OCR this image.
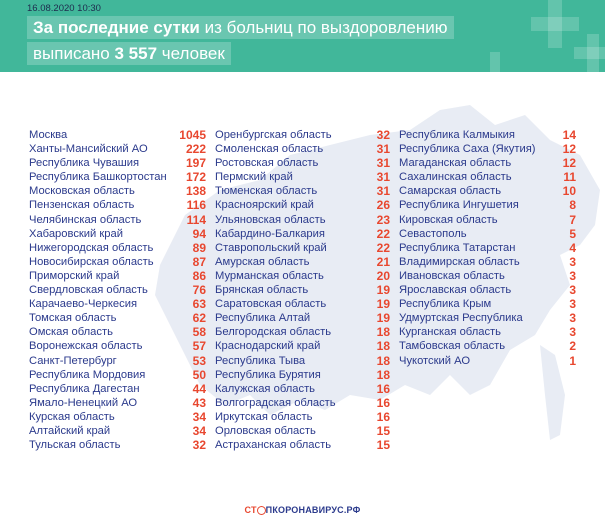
16.08.2020 10:30
За последние сутки из больниц по выздоровлению
выписано 3 557 человек
Москва	1045
Ханты-Мансийский АО	222
Республика Чувашия	197
Республика Башкортостан 172
Московская область	138
Пензенская область	116
Челябинская область	114
Хабаровский край	94
Нижегородская область	89
Новосибирская область	87
Приморский край	86
Свердловская область	76
Карачаево-Черкесия	63
Томская область	62
Омская область	58
Воронежская область	57
Санкт-Петербург	53
Республика Мордовия	50
Республика Дагестан	44
Ямало-Ненецкий АО	43
Курская область	34
Алтайский край	34
Тульская область	32
Оренбургская область	32
Смоленская область	31
Ростовская область	31
Пермский край	31
Тюменская область	31
Красноярский край	26
Ульяновская область	23
Кабардино-Балкария	22
Ставропольский край	22
Амурская область	21
Мурманская область	20
Брянская область	19
Саратовская область	19
Республика Алтай	19
Белгородская область	18
Краснодарский край	18
Республика Тыва	18
Республика Бурятия	18
Калужская область	16
Волгоградская область	16
Иркутская область	16
Орловская область	15
Астраханская область	15
Республика Калмыкия	14
Республика Саха (Якутия) 12
Магаданская область	12
Сахалинская область	11
Самарская область	10
Республика Ингушетия	8
Кировская область	7
Севастополь	5
Республика Татарстан	4
Владимирская область	3
Ивановская область	3
Ярославская область	3
Республика Крым	3
Удмуртская Республика	3
Курганская область	3
Тамбовская область	2
Чукотский АО	1
СТ ПКОРОНАВИРУС.РФ
